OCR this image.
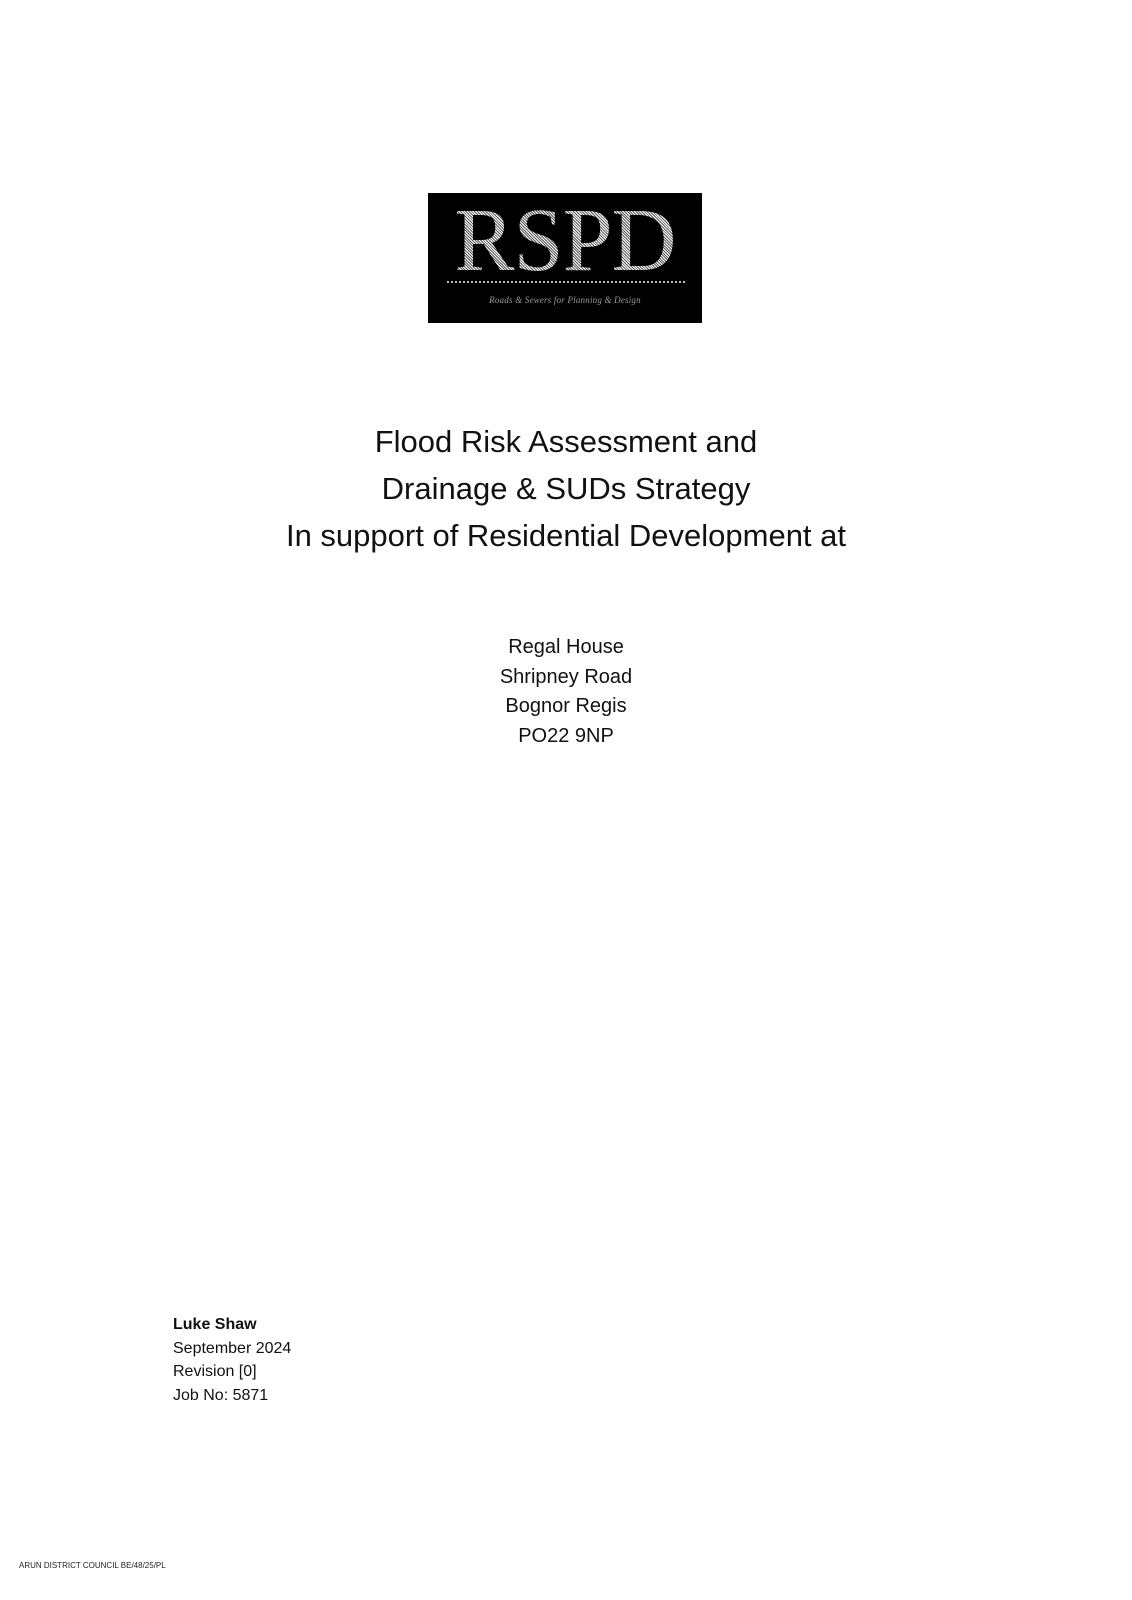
RSPD
Roads & Sewers for Planning & Design
Flood Risk Assessment and
Drainage & SUDs Strategy
In support of Residential Development at
Regal House
Shripney Road
Bognor Regis
PO22 9NP
Luke Shaw
September 2024
Revision [0]
Job No: 5871
ARUN DISTRICT COUNCIL BE/48/25/PL
